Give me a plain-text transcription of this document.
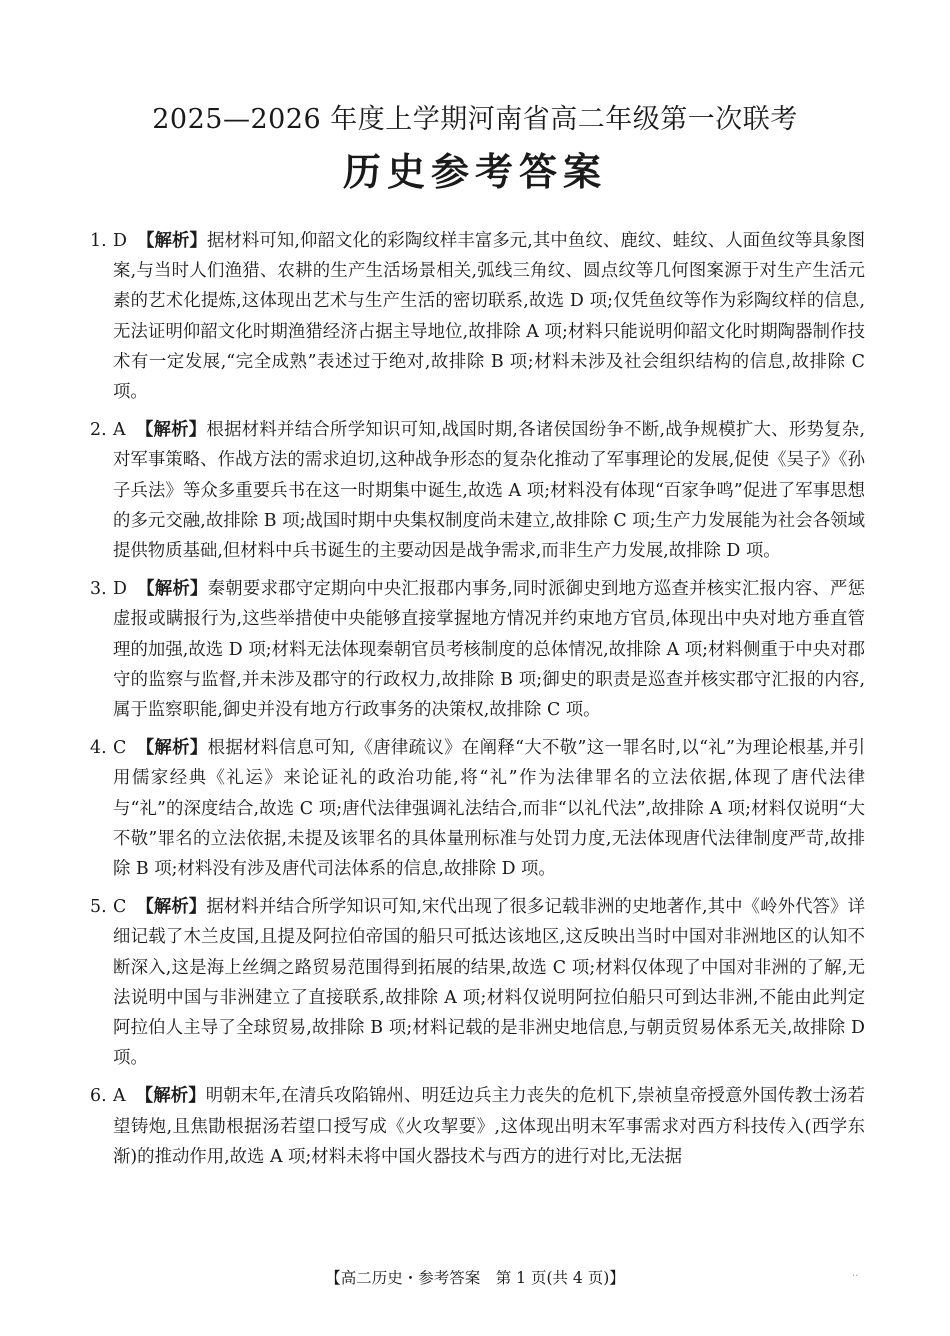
2025—2026 年度上学期河南省高二年级第一次联考
历史参考答案
1. D 【解析】据材料可知,仰韶文化的彩陶纹样丰富多元,其中鱼纹、鹿纹、蛙纹、人面鱼纹等具象图案,与当时人们渔猎、农耕的生产生活场景相关,弧线三角纹、圆点纹等几何图案源于对生产生活元素的艺术化提炼,这体现出艺术与生产生活的密切联系,故选 D 项;仅凭鱼纹等作为彩陶纹样的信息,无法证明仰韶文化时期渔猎经济占据主导地位,故排除 A 项;材料只能说明仰韶文化时期陶器制作技术有一定发展,“完全成熟”表述过于绝对,故排除 B 项;材料未涉及社会组织结构的信息,故排除 C 项。
2. A 【解析】根据材料并结合所学知识可知,战国时期,各诸侯国纷争不断,战争规模扩大、形势复杂,对军事策略、作战方法的需求迫切,这种战争形态的复杂化推动了军事理论的发展,促使《吴子》《孙子兵法》等众多重要兵书在这一时期集中诞生,故选 A 项;材料没有体现“百家争鸣”促进了军事思想的多元交融,故排除 B 项;战国时期中央集权制度尚未建立,故排除 C 项;生产力发展能为社会各领域提供物质基础,但材料中兵书诞生的主要动因是战争需求,而非生产力发展,故排除 D 项。
3. D 【解析】秦朝要求郡守定期向中央汇报郡内事务,同时派御史到地方巡查并核实汇报内容、严惩虚报或瞒报行为,这些举措使中央能够直接掌握地方情况并约束地方官员,体现出中央对地方垂直管理的加强,故选 D 项;材料无法体现秦朝官员考核制度的总体情况,故排除 A 项;材料侧重于中央对郡守的监察与监督,并未涉及郡守的行政权力,故排除 B 项;御史的职责是巡查并核实郡守汇报的内容,属于监察职能,御史并没有地方行政事务的决策权,故排除 C 项。
4. C 【解析】根据材料信息可知,《唐律疏议》在阐释“大不敬”这一罪名时,以“礼”为理论根基,并引用儒家经典《礼运》来论证礼的政治功能,将“礼”作为法律罪名的立法依据,体现了唐代法律与“礼”的深度结合,故选 C 项;唐代法律强调礼法结合,而非“以礼代法”,故排除 A 项;材料仅说明“大不敬”罪名的立法依据,未提及该罪名的具体量刑标准与处罚力度,无法体现唐代法律制度严苛,故排除 B 项;材料没有涉及唐代司法体系的信息,故排除 D 项。
5. C 【解析】据材料并结合所学知识可知,宋代出现了很多记载非洲的史地著作,其中《岭外代答》详细记载了木兰皮国,且提及阿拉伯帝国的船只可抵达该地区,这反映出当时中国对非洲地区的认知不断深入,这是海上丝绸之路贸易范围得到拓展的结果,故选 C 项;材料仅体现了中国对非洲的了解,无法说明中国与非洲建立了直接联系,故排除 A 项;材料仅说明阿拉伯船只可到达非洲,不能由此判定阿拉伯人主导了全球贸易,故排除 B 项;材料记载的是非洲史地信息,与朝贡贸易体系无关,故排除 D 项。
6. A 【解析】明朝末年,在清兵攻陷锦州、明廷边兵主力丧失的危机下,崇祯皇帝授意外国传教士汤若望铸炮,且焦勖根据汤若望口授写成《火攻挈要》,这体现出明末军事需求对西方科技传入(西学东渐)的推动作用,故选 A 项;材料未将中国火器技术与西方的进行对比,无法据
【高二历史・参考答案　第 1 页(共 4 页)】	..
